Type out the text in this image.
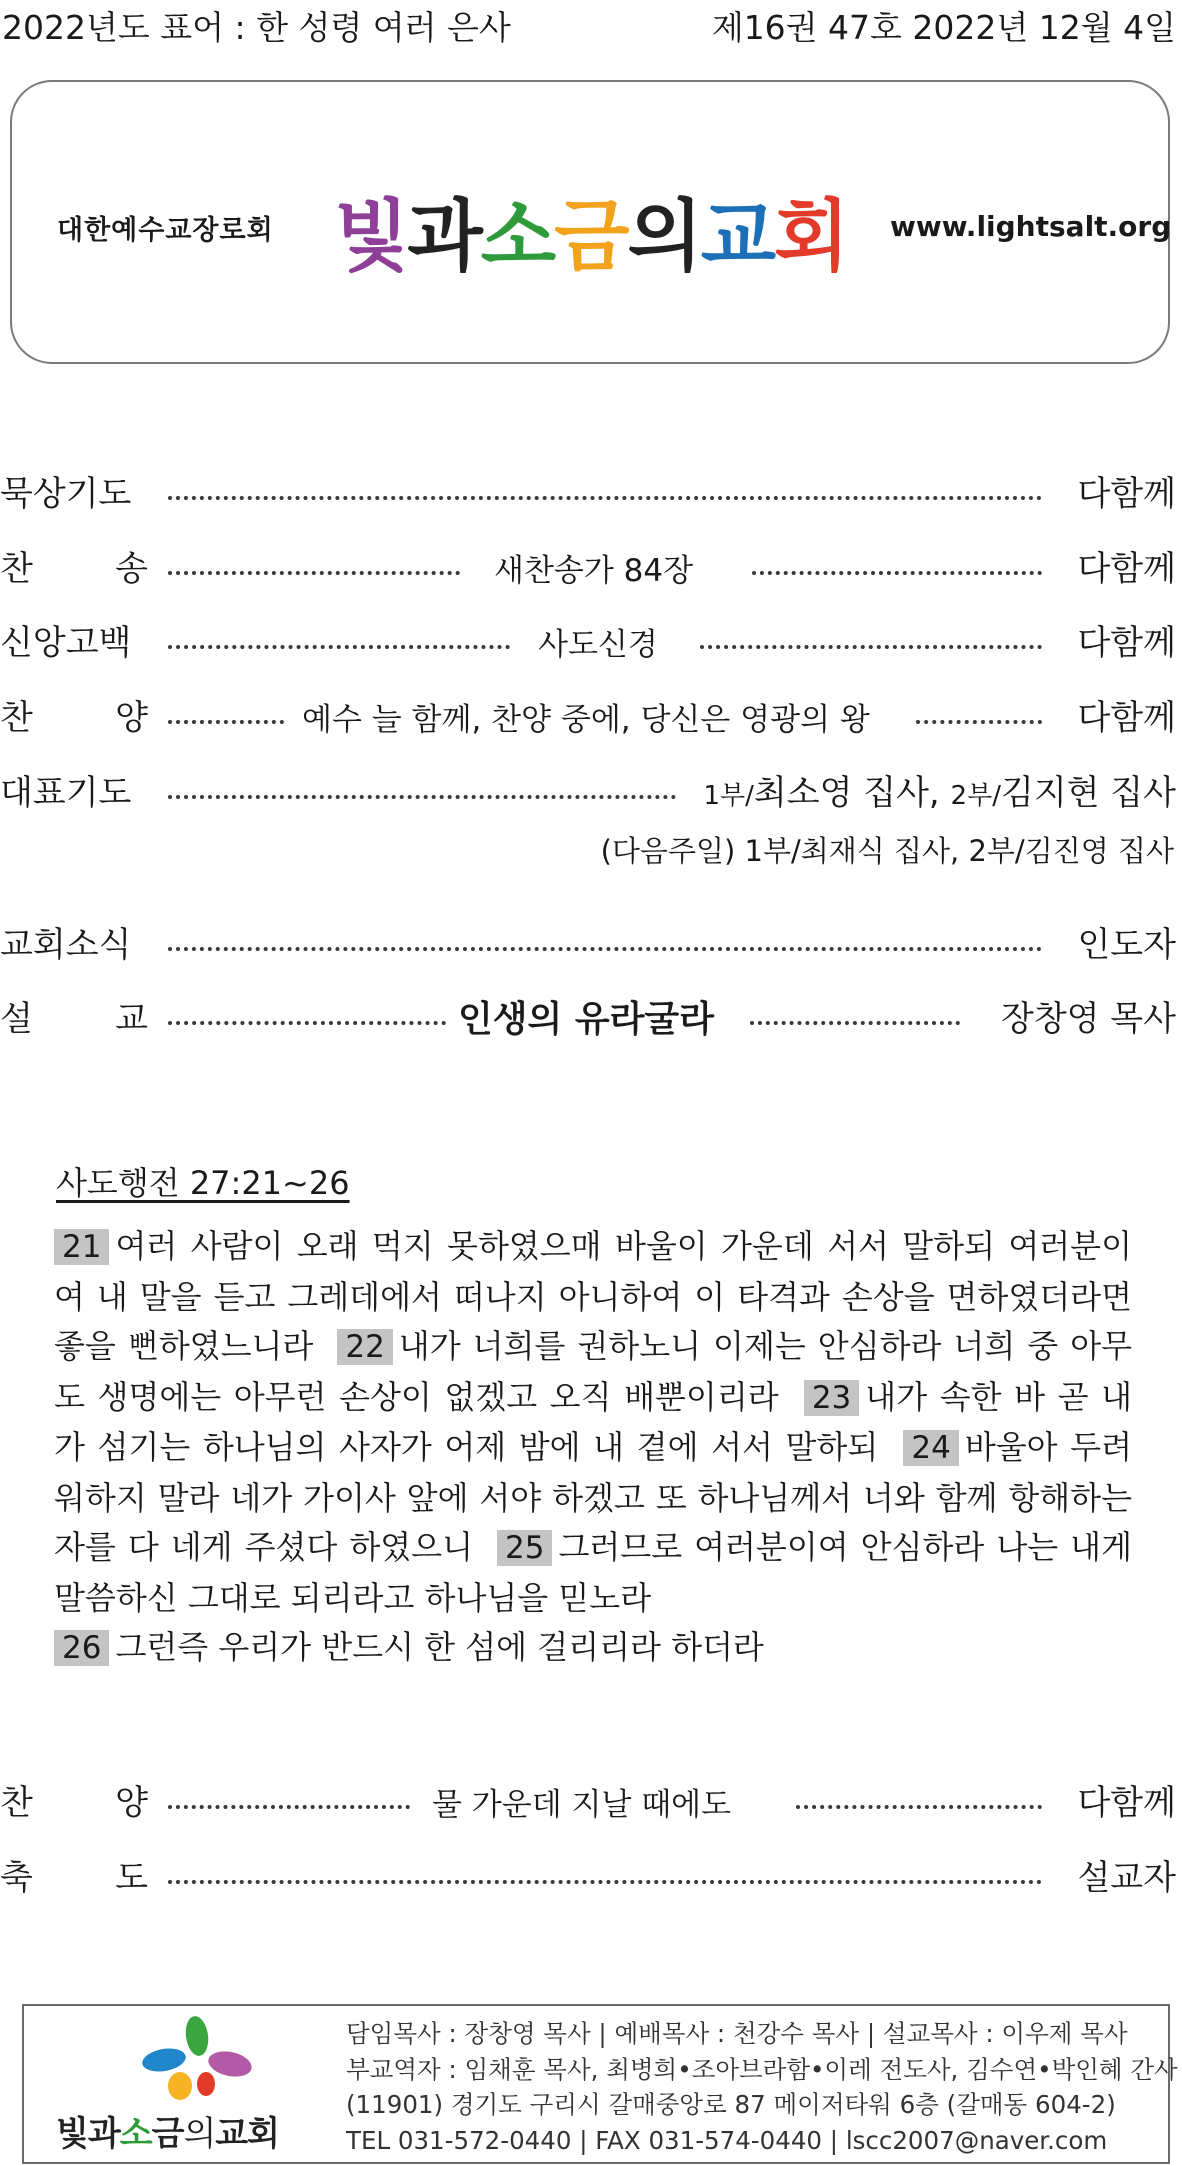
2022년도 표어 : 한 성령 여러 은사	제16권 47호 2022년 12월 4일
대한예수교장로회 빛과소금의교회 www.lightsalt.org
묵상기도	다함께
찬 송	새찬송가 84장	다함께
신앙고백	사도신경	다함께
찬 양	예수 늘 함께, 찬양 중에, 당신은 영광의 왕	다함께
대표기도	1부/최소영 집사, 2부/김지현 집사
(다음주일) 1부/최재식 집사, 2부/김진영 집사
교회소식	인도자
설 교	인생의 유라굴라	장창영 목사
사도행전 27:21~26
21 여러 사람이 오래 먹지 못하였으매 바울이 가운데 서서 말하되 여러분이여 내 말을 듣고 그레데에서 떠나지 아니하여 이 타격과 손상을 면하였더라면 좋을 뻔하였느니라 22 내가 너희를 권하노니 이제는 안심하라 너희 중 아무도 생명에는 아무런 손상이 없겠고 오직 배뿐이리라 23 내가 속한 바 곧 내가 섬기는 하나님의 사자가 어제 밤에 내 곁에 서서 말하되 24 바울아 두려워하지 말라 네가 가이사 앞에 서야 하겠고 또 하나님께서 너와 함께 항해하는 자를 다 네게 주셨다 하였으니 25 그러므로 여러분이여 안심하라 나는 내게 말씀하신 그대로 되리라고 하나님을 믿노라
26 그런즉 우리가 반드시 한 섬에 걸리리라 하더라
찬 양	물 가운데 지날 때에도	다함께
축 도	설교자
빛과소금의교회
담임목사 : 장창영 목사 | 예배목사 : 천강수 목사 | 설교목사 : 이우제 목사
부교역자 : 임채훈 목사, 최병희•조아브라함•이레 전도사, 김수연•박인혜 간사
(11901) 경기도 구리시 갈매중앙로 87 메이저타워 6층 (갈매동 604-2)
TEL 031-572-0440 | FAX 031-574-0440 | lscc2007@naver.com
